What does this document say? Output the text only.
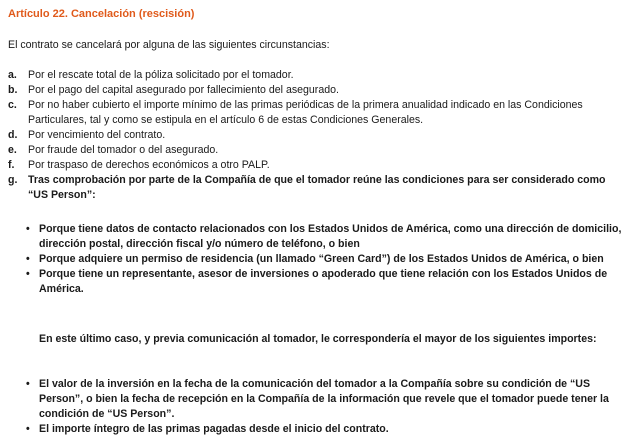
Artículo 22. Cancelación (rescisión)
El contrato se cancelará por alguna de las siguientes circunstancias:
a.	Por el rescate total de la póliza solicitado por el tomador.
b. Por el pago del capital asegurado por fallecimiento del asegurado.
c.	Por no haber cubierto el importe mínimo de las primas periódicas de la primera anualidad indicado en las Condiciones Particulares, tal y como se estipula en el artículo 6 de estas Condiciones Generales.
d. Por vencimiento del contrato.
e.	Por fraude del tomador o del asegurado.
f.	Por traspaso de derechos económicos a otro PALP.
g. Tras comprobación por parte de la Compañía de que el tomador reúne las condiciones para ser considerado como “US Person”:
• Porque tiene datos de contacto relacionados con los Estados Unidos de América, como una dirección de domicilio, dirección postal, dirección fiscal y/o número de teléfono, o bien
• Porque adquiere un permiso de residencia (un llamado “Green Card”) de los Estados Unidos de América, o bien
• Porque tiene un representante, asesor de inversiones o apoderado que tiene relación con los Estados Unidos de América.
En este último caso, y previa comunicación al tomador, le correspondería el mayor de los siguientes importes:
• El valor de la inversión en la fecha de la comunicación del tomador a la Compañía sobre su condición de “US Person”, o bien la fecha de recepción en la Compañía de la información que revele que el tomador puede tener la condición de “US Person”.
• El importe íntegro de las primas pagadas desde el inicio del contrato.
